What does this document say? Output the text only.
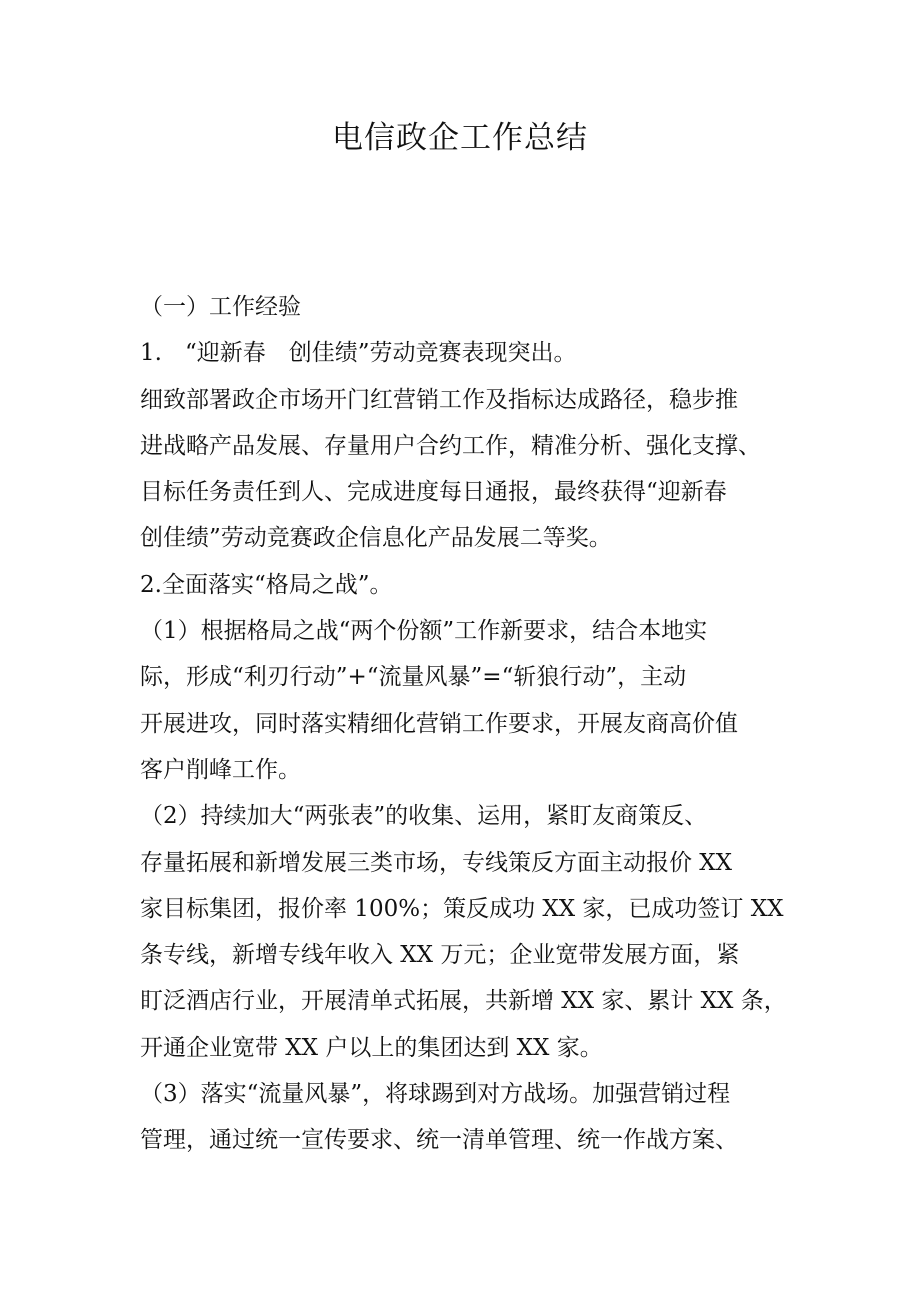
电信政企工作总结
（一）工作经验
1.　“迎新春　创佳绩”劳动竞赛表现突出。
细致部署政企市场开门红营销工作及指标达成路径，稳步推
进战略产品发展、存量用户合约工作，精准分析、强化支撑、
目标任务责任到人、完成进度每日通报，最终获得“迎新春
创佳绩”劳动竞赛政企信息化产品发展二等奖。
2.全面落实“格局之战”。
（1）根据格局之战“两个份额”工作新要求，结合本地实
际，形成“利刃行动”+“流量风暴”=“斩狼行动”，主动
开展进攻，同时落实精细化营销工作要求，开展友商高价值
客户削峰工作。
（2）持续加大“两张表”的收集、运用，紧盯友商策反、
存量拓展和新增发展三类市场，专线策反方面主动报价 XX
家目标集团，报价率 100%；策反成功 XX 家，已成功签订 XX
条专线，新增专线年收入 XX 万元；企业宽带发展方面，紧
盯泛酒店行业，开展清单式拓展，共新增 XX 家、累计 XX 条，
开通企业宽带 XX 户以上的集团达到 XX 家。
（3）落实“流量风暴”，将球踢到对方战场。加强营销过程
管理，通过统一宣传要求、统一清单管理、统一作战方案、
